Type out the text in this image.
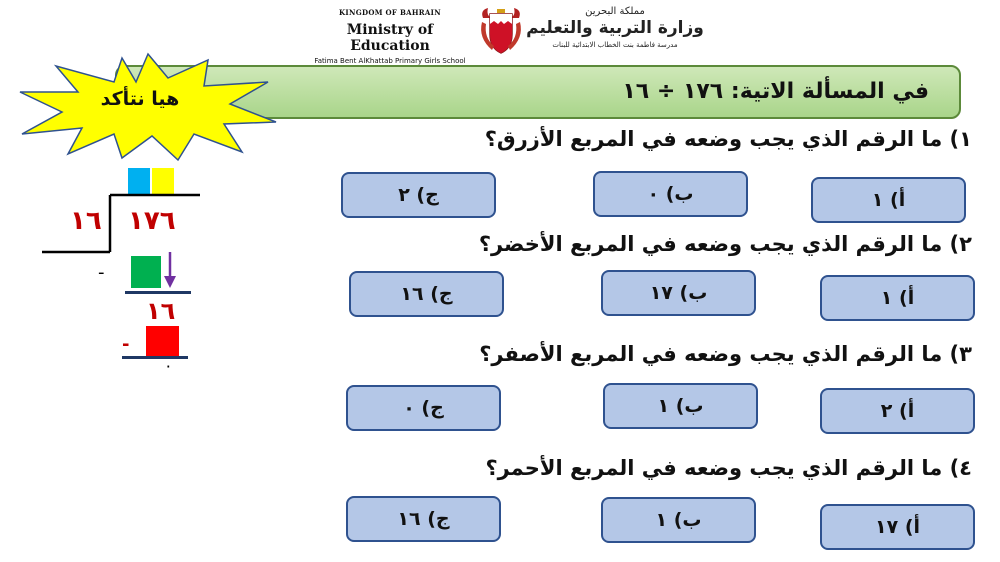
KINGDOM OF BAHRAIN
Ministry of Education
Fatima Bent AlKhattab Primary Girls School
مملكة البحرين
وزارة التربية والتعليم
مدرسة فاطمة بنت الخطاب الابتدائية للبنات
في المسألة الاتية: ١٧٦ ÷ ١٦
هيا نتأكد
١٦ ١٧٦
-
١٦
-
٠
١) ما الرقم الذي يجب وضعه في المربع الأزرق؟
٢) ما الرقم الذي يجب وضعه في المربع الأخضر؟
٣) ما الرقم الذي يجب وضعه في المربع الأصفر؟
٤) ما الرقم الذي يجب وضعه في المربع الأحمر؟
أ) ١
ب) ٠
ج) ٢
أ) ١
ب) ١٧
ج) ١٦
أ) ٢
ب) ١
ج) ٠
أ) ١٧
ب) ١
ج) ١٦
